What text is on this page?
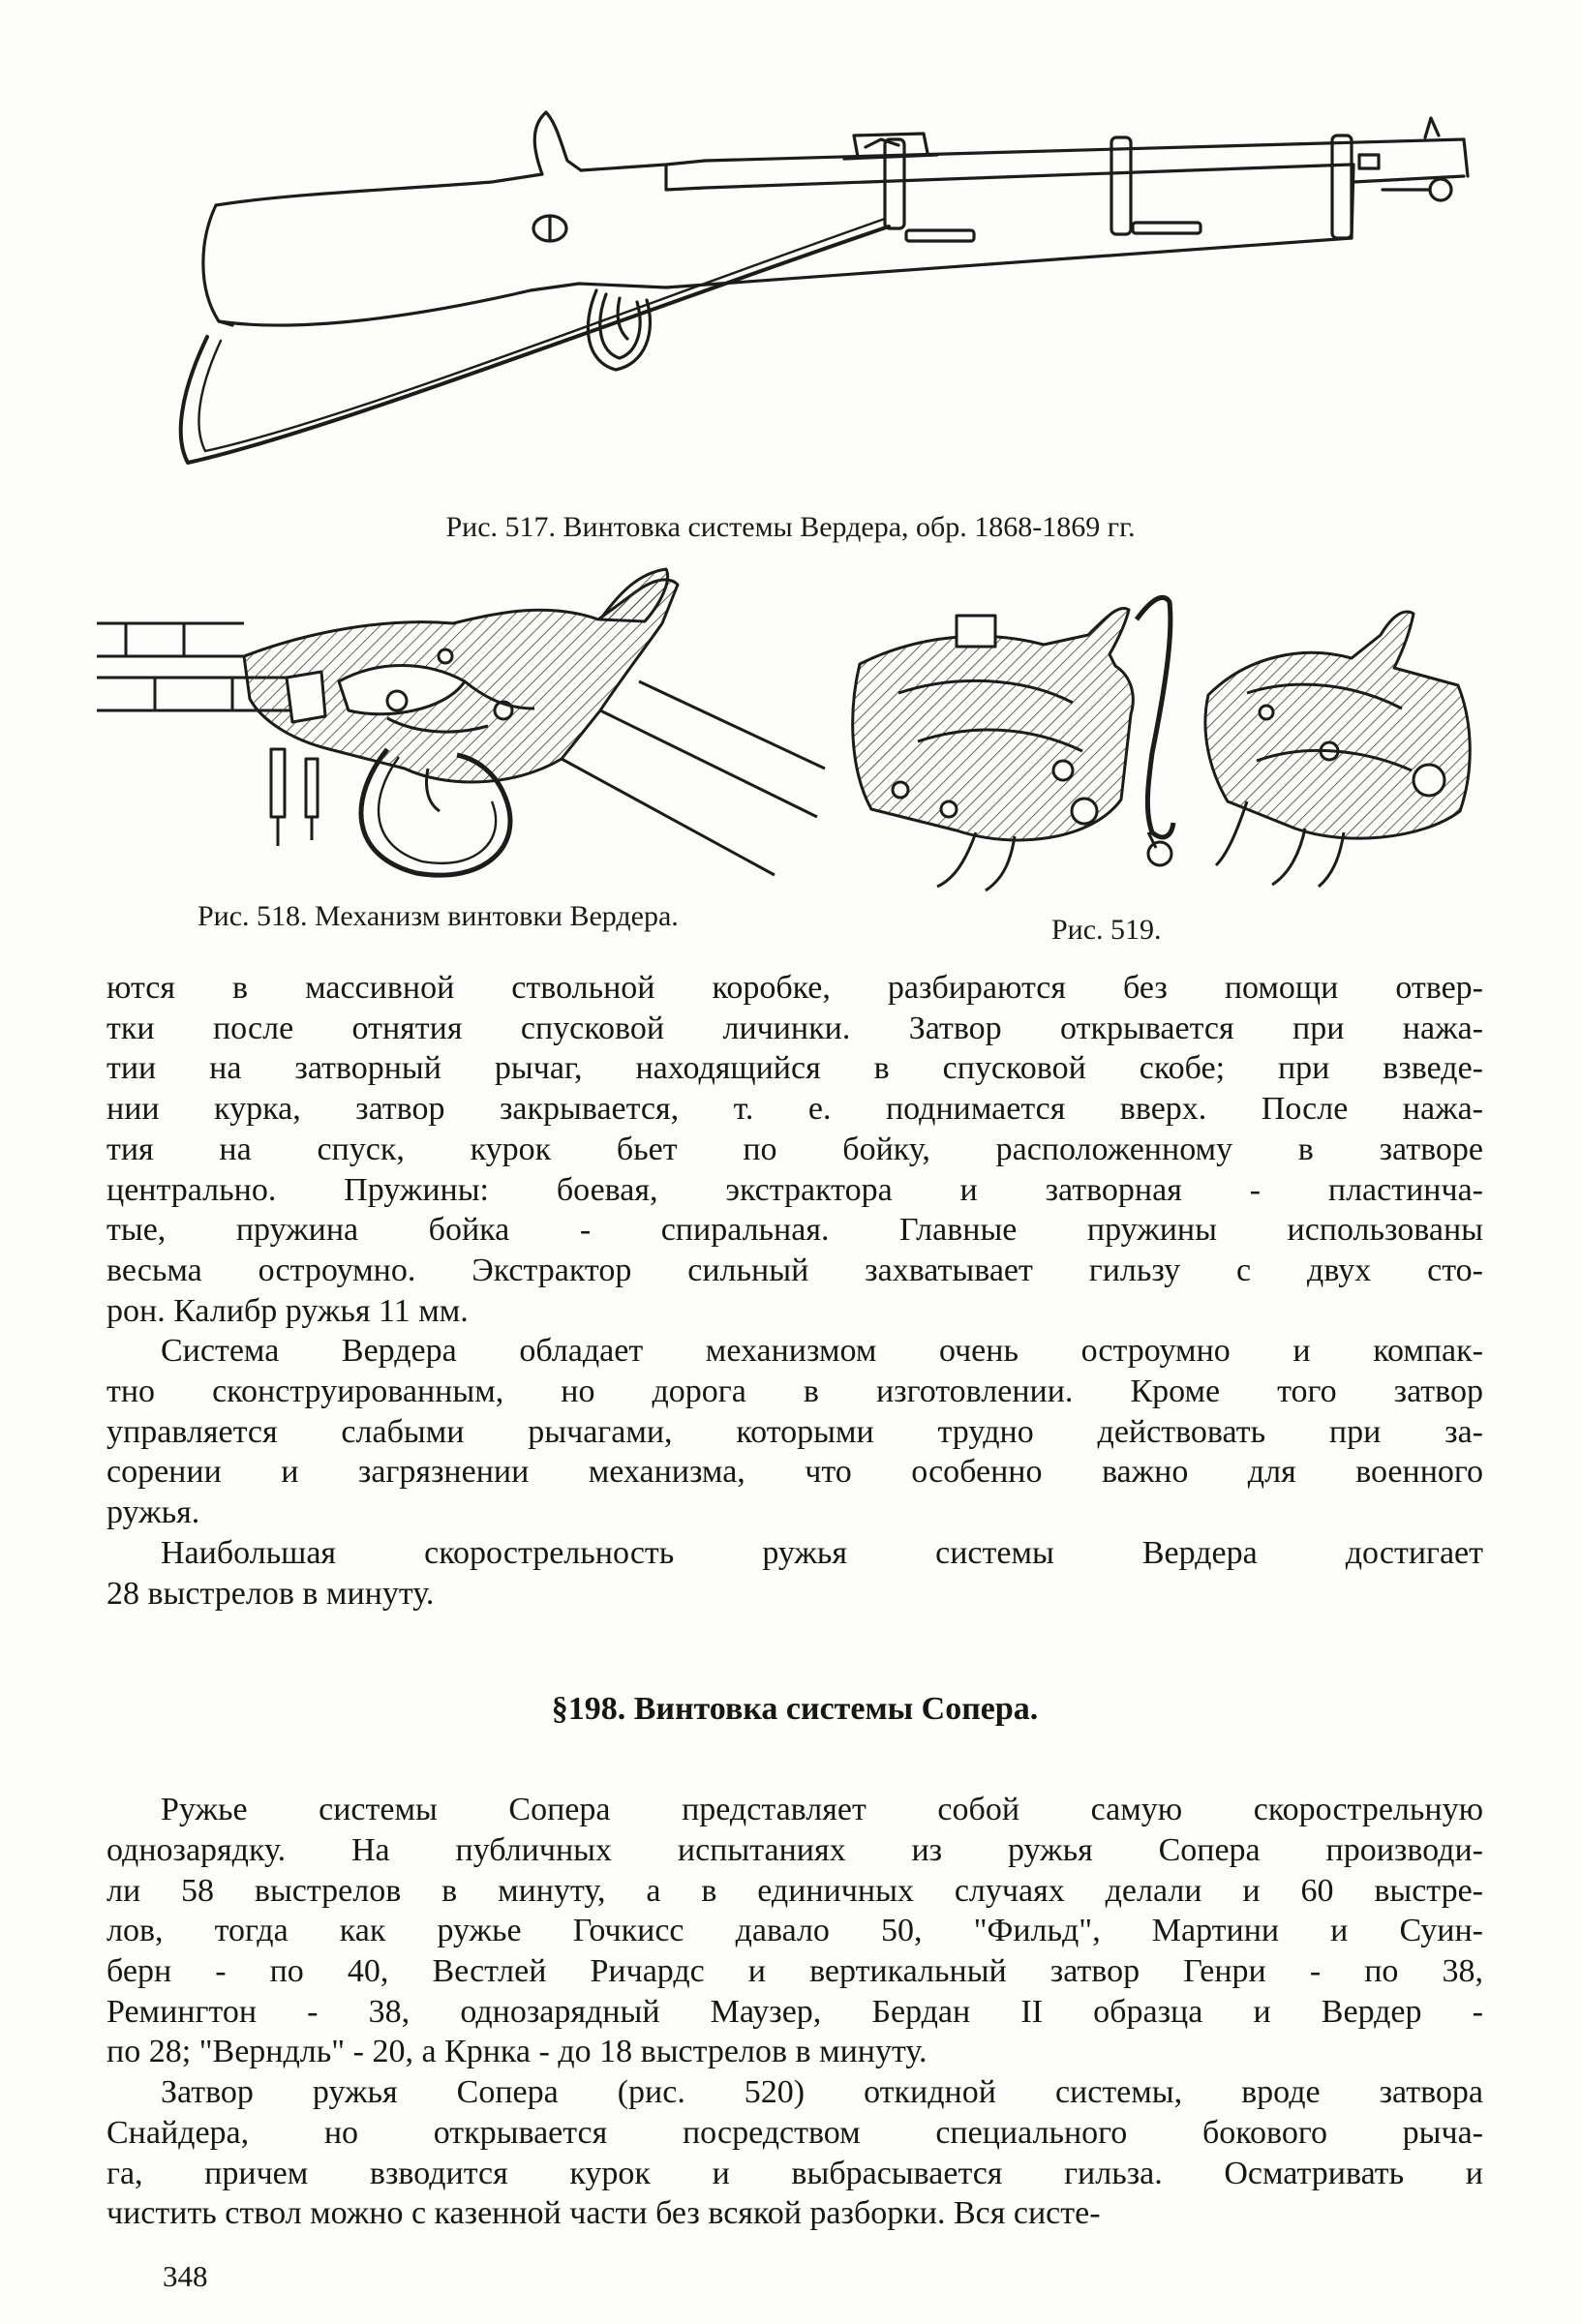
Рис. 517. Винтовка системы Вердера, обр. 1868-1869 гг.
Рис. 518. Механизм винтовки Вердера.	Рис. 519.
ются в массивной ствольной коробке, разбираются без помощи отвер-
тки после отнятия спусковой личинки. Затвор открывается при нажа-
тии на затворный рычаг, находящийся в спусковой скобе; при взведе-
нии курка, затвор закрывается, т. е. поднимается вверх. После нажа-
тия на спуск, курок бьет по бойку, расположенному в затворе
центрально. Пружины: боевая, экстрактора и затворная - пластинча-
тые, пружина бойка - спиральная. Главные пружины использованы
весьма остроумно. Экстрактор сильный захватывает гильзу с двух сто-
рон. Калибр ружья 11 мм.
Система Вердера обладает механизмом очень остроумно и компак-
тно сконструированным, но дорога в изготовлении. Кроме того затвор
управляется слабыми рычагами, которыми трудно действовать при за-
сорении и загрязнении механизма, что особенно важно для военного
ружья.
Наибольшая скорострельность ружья системы Вердера достигает
28 выстрелов в минуту.
§198. Винтовка системы Сопера.
Ружье системы Сопера представляет собой самую скорострельную
однозарядку. На публичных испытаниях из ружья Сопера производи-
ли 58 выстрелов в минуту, а в единичных случаях делали и 60 выстре-
лов, тогда как ружье Гочкисс давало 50, "Фильд", Мартини и Суин-
берн - по 40, Вестлей Ричардс и вертикальный затвор Генри - по 38,
Ремингтон - 38, однозарядный Маузер, Бердан II образца и Вердер -
по 28; "Верндль" - 20, а Крнка - до 18 выстрелов в минуту.
Затвор ружья Сопера (рис. 520) откидной системы, вроде затвора
Снайдера, но открывается посредством специального бокового рыча-
га, причем взводится курок и выбрасывается гильза. Осматривать и
чистить ствол можно с казенной части без всякой разборки. Вся систе-
348
